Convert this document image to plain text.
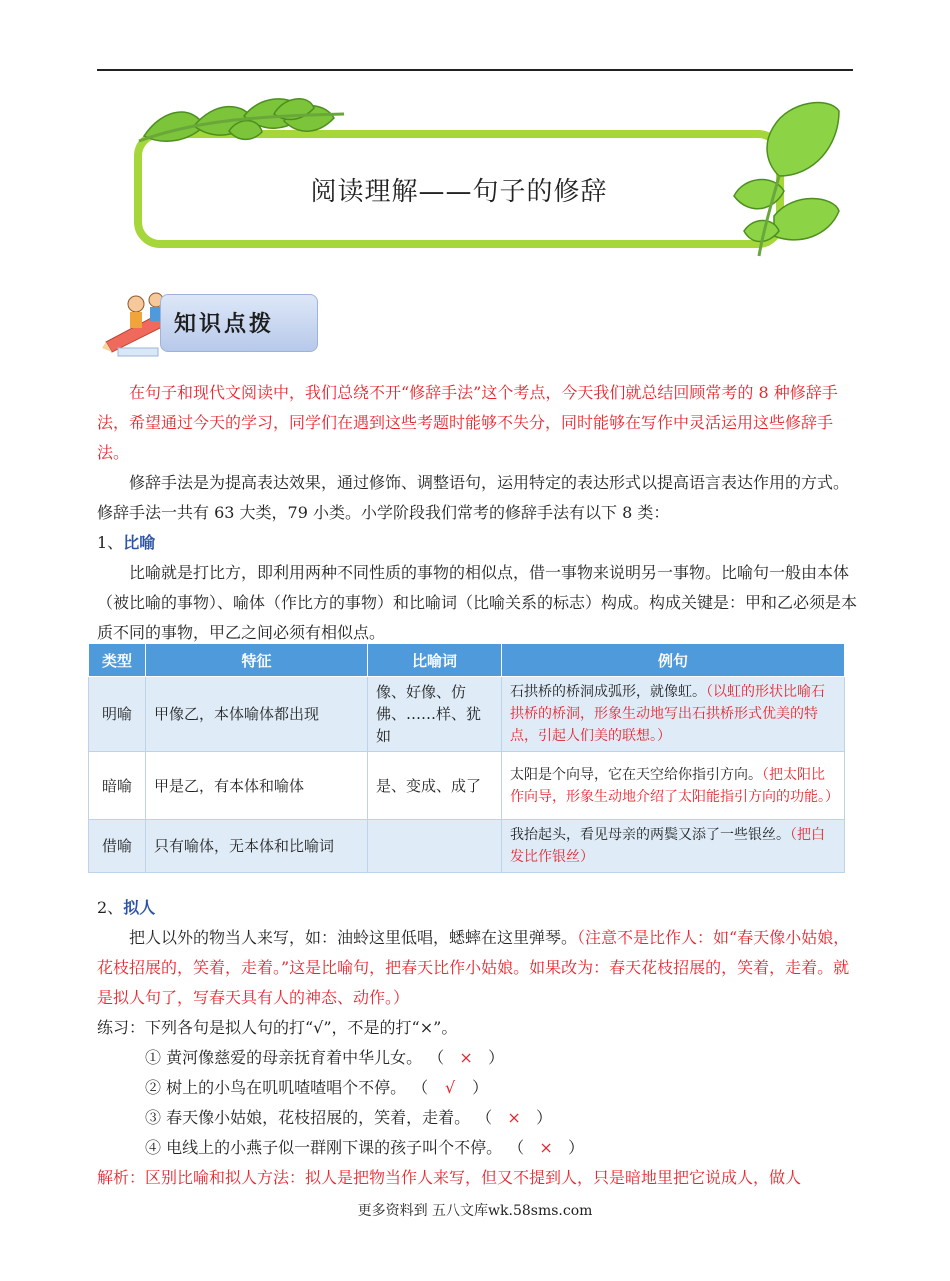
阅读理解——句子的修辞
知识点拨

在句子和现代文阅读中，我们总绕不开“修辞手法”这个考点，今天我们就总结回顾常考的 8 种修辞手法，希望通过今天的学习，同学们在遇到这些考题时能够不失分，同时能够在写作中灵活运用这些修辞手法。

修辞手法是为提高表达效果，通过修饰、调整语句，运用特定的表达形式以提高语言表达作用的方式。修辞手法一共有 63 大类，79 小类。小学阶段我们常考的修辞手法有以下 8 类：

1、比喻

比喻就是打比方，即利用两种不同性质的事物的相似点，借一事物来说明另一事物。比喻句一般由本体（被比喻的事物）、喻体（作比方的事物）和比喻词（比喻关系的标志）构成。构成关键是：甲和乙必须是本质不同的事物，甲乙之间必须有相似点。

类型	特征	比喻词	例句
明喻	甲像乙，本体喻体都出现	像、好像、仿佛、……样、犹如	石拱桥的桥洞成弧形，就像虹。（以虹的形状比喻石拱桥的桥洞，形象生动地写出石拱桥形式优美的特点，引起人们美的联想。）
暗喻	甲是乙，有本体和喻体	是、变成、成了	太阳是个向导，它在天空给你指引方向。（把太阳比作向导，形象生动地介绍了太阳能指引方向的功能。）
借喻	只有喻体，无本体和比喻词		我抬起头，看见母亲的两鬓又添了一些银丝。（把白发比作银丝）

2、拟人

把人以外的物当人来写，如：油蛉这里低唱，蟋蟀在这里弹琴。（注意不是比作人：如“春天像小姑娘，花枝招展的，笑着，走着。”这是比喻句，把春天比作小姑娘。如果改为：春天花枝招展的，笑着，走着。就是拟人句了，写春天具有人的神态、动作。）

练习：下列各句是拟人句的打“√”，不是的打“×”。

① 黄河像慈爱的母亲抚育着中华儿女。 （ × ）

② 树上的小鸟在叽叽喳喳唱个不停。 （ √ ）

③ 春天像小姑娘，花枝招展的，笑着，走着。 （ × ）

④ 电线上的小燕子似一群刚下课的孩子叫个不停。 （ × ）

解析：区别比喻和拟人方法：拟人是把物当作人来写，但又不提到人，只是暗地里把它说成人，做人

更多资料到 五八文库wk.58sms.com
